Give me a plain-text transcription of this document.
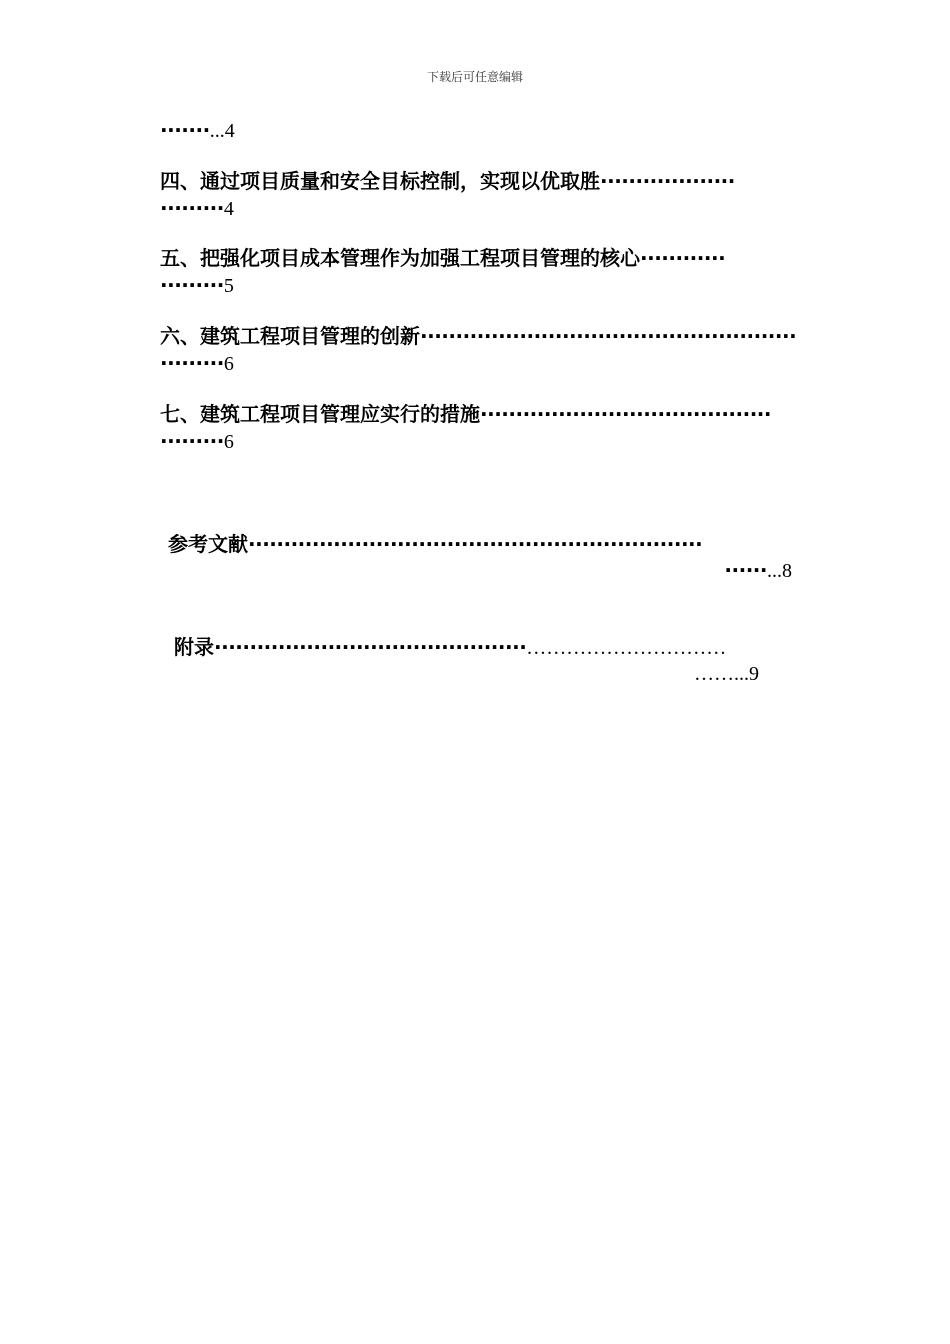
下载后可任意编辑
·······...4
四、通过项目质量和安全目标控制，实现以优取胜···················
·········4
五、把强化项目成本管理作为加强工程项目管理的核心············
·········5
六、建筑工程项目管理的创新·····················································
·········6
七、建筑工程项目管理应实行的措施·········································
·········6
参考文献································································
······...8
附录············································…………………………
……...9
